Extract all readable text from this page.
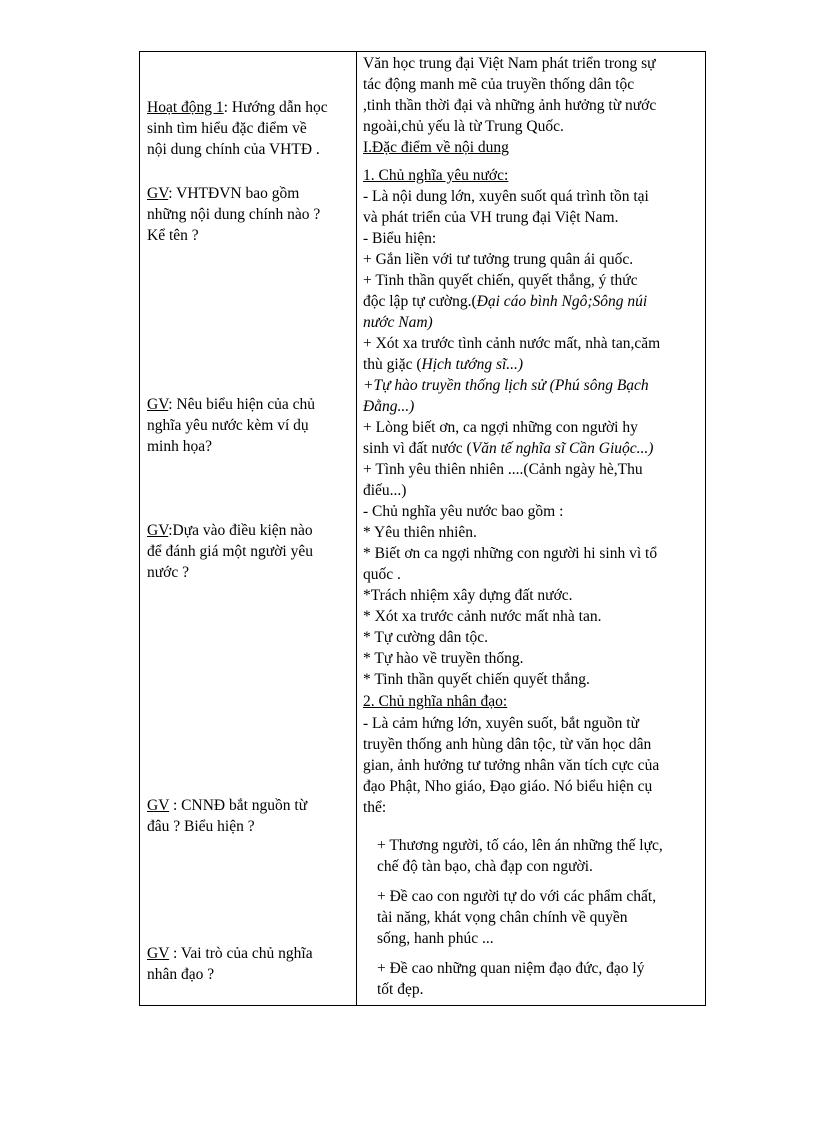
Hoạt động 1: Hướng dẫn học
sinh tìm hiểu đặc điểm về
nội dung chính của VHTĐ .
GV: VHTĐVN bao gồm
những nội dung chính nào ?
Kể tên ?
GV: Nêu biểu hiện của chủ
nghĩa yêu nước kèm ví dụ
minh họa?
GV:Dựa vào điều kiện nào
để đánh giá một người yêu
nước ?
GV : CNNĐ bắt nguồn từ
đâu ? Biểu hiện ?
GV : Vai trò của chủ nghĩa
nhân đạo ?
Văn học trung đại Việt Nam phát triển trong sự
tác động manh mẽ của truyền thống dân tộc
,tinh thần thời đại và những ảnh hưởng từ nước
ngoài,chủ yếu là từ Trung Quốc.
I.Đặc điểm về nội dung
1. Chủ nghĩa yêu nước:
- Là nội dung lớn, xuyên suốt quá trình tồn tại
và phát triển của VH trung đại Việt Nam.
- Biểu hiện:
+ Gắn liền với tư tưởng trung quân ái quốc.
+ Tinh thần quyết chiến, quyết thắng, ý thức
độc lập tự cường.(Đại cáo bình Ngô;Sông núi
nước Nam)
+ Xót xa trước tình cảnh nước mất, nhà tan,căm
thù giặc (Hịch tướng sĩ...)
+Tự hào truyền thống lịch sử (Phú sông Bạch
Đằng...)
+ Lòng biết ơn, ca ngợi những con người hy
sinh vì đất nước (Văn tế nghĩa sĩ Cần Giuộc...)
+ Tình yêu thiên nhiên ....(Cảnh ngày hè,Thu
điếu...)
- Chủ nghĩa yêu nước bao gồm :
* Yêu thiên nhiên.
* Biết ơn ca ngợi những con người hi sinh vì tổ
quốc .
*Trách nhiệm xây dựng đất nước.
* Xót xa trước cảnh nước mất nhà tan.
* Tự cường dân tộc.
* Tự hào về truyền thống.
* Tinh thần quyết chiến quyết thắng.
2. Chủ nghĩa nhân đạo:
- Là cảm hứng lớn, xuyên suốt, bắt nguồn từ
truyền thống anh hùng dân tộc, từ văn học dân
gian, ảnh hưởng tư tưởng nhân văn tích cực của
đạo Phật, Nho giáo, Đạo giáo. Nó biểu hiện cụ
thể:
+ Thương người, tố cáo, lên án những thế lực,
chế độ tàn bạo, chà đạp con người.
+ Đề cao con người tự do với các phẩm chất,
tài năng, khát vọng chân chính về quyền
sống, hanh phúc ...
+ Đề cao những quan niệm đạo đức, đạo lý
tốt đẹp.
